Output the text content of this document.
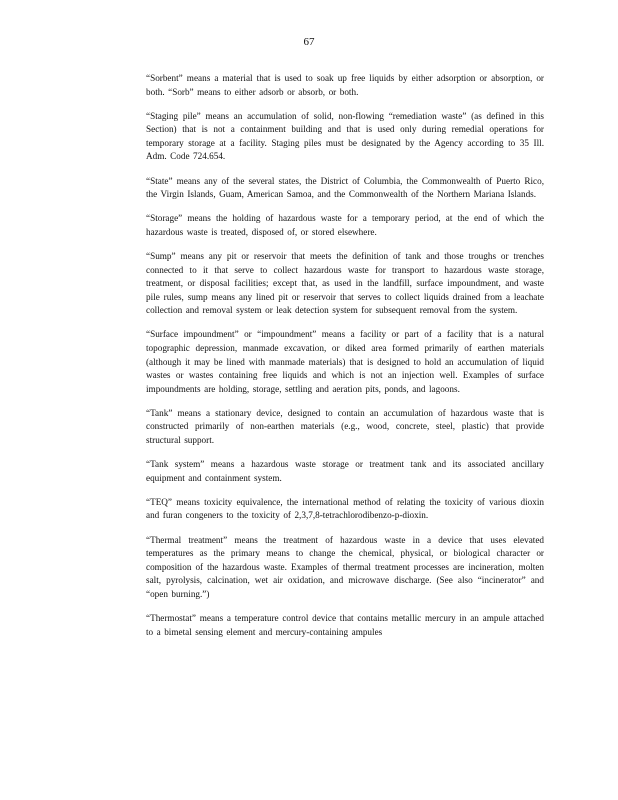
67

“Sorbent” means a material that is used to soak up free liquids by either adsorption or absorption, or both. “Sorb” means to either adsorb or absorb, or both.

“Staging pile” means an accumulation of solid, non-flowing “remediation waste” (as defined in this Section) that is not a containment building and that is used only during remedial operations for temporary storage at a facility. Staging piles must be designated by the Agency according to 35 Ill. Adm. Code 724.654.

“State” means any of the several states, the District of Columbia, the Commonwealth of Puerto Rico, the Virgin Islands, Guam, American Samoa, and the Commonwealth of the Northern Mariana Islands.

“Storage” means the holding of hazardous waste for a temporary period, at the end of which the hazardous waste is treated, disposed of, or stored elsewhere.

“Sump” means any pit or reservoir that meets the definition of tank and those troughs or trenches connected to it that serve to collect hazardous waste for transport to hazardous waste storage, treatment, or disposal facilities; except that, as used in the landfill, surface impoundment, and waste pile rules, sump means any lined pit or reservoir that serves to collect liquids drained from a leachate collection and removal system or leak detection system for subsequent removal from the system.

“Surface impoundment” or “impoundment” means a facility or part of a facility that is a natural topographic depression, manmade excavation, or diked area formed primarily of earthen materials (although it may be lined with manmade materials) that is designed to hold an accumulation of liquid wastes or wastes containing free liquids and which is not an injection well. Examples of surface impoundments are holding, storage, settling and aeration pits, ponds, and lagoons.

“Tank” means a stationary device, designed to contain an accumulation of hazardous waste that is constructed primarily of non-earthen materials (e.g., wood, concrete, steel, plastic) that provide structural support.

“Tank system” means a hazardous waste storage or treatment tank and its associated ancillary equipment and containment system.

“TEQ” means toxicity equivalence, the international method of relating the toxicity of various dioxin and furan congeners to the toxicity of 2,3,7,8-tetrachlorodibenzo-p-dioxin.

“Thermal treatment” means the treatment of hazardous waste in a device that uses elevated temperatures as the primary means to change the chemical, physical, or biological character or composition of the hazardous waste. Examples of thermal treatment processes are incineration, molten salt, pyrolysis, calcination, wet air oxidation, and microwave discharge. (See also “incinerator” and “open burning.”)

“Thermostat” means a temperature control device that contains metallic mercury in an ampule attached to a bimetal sensing element and mercury-containing ampules
